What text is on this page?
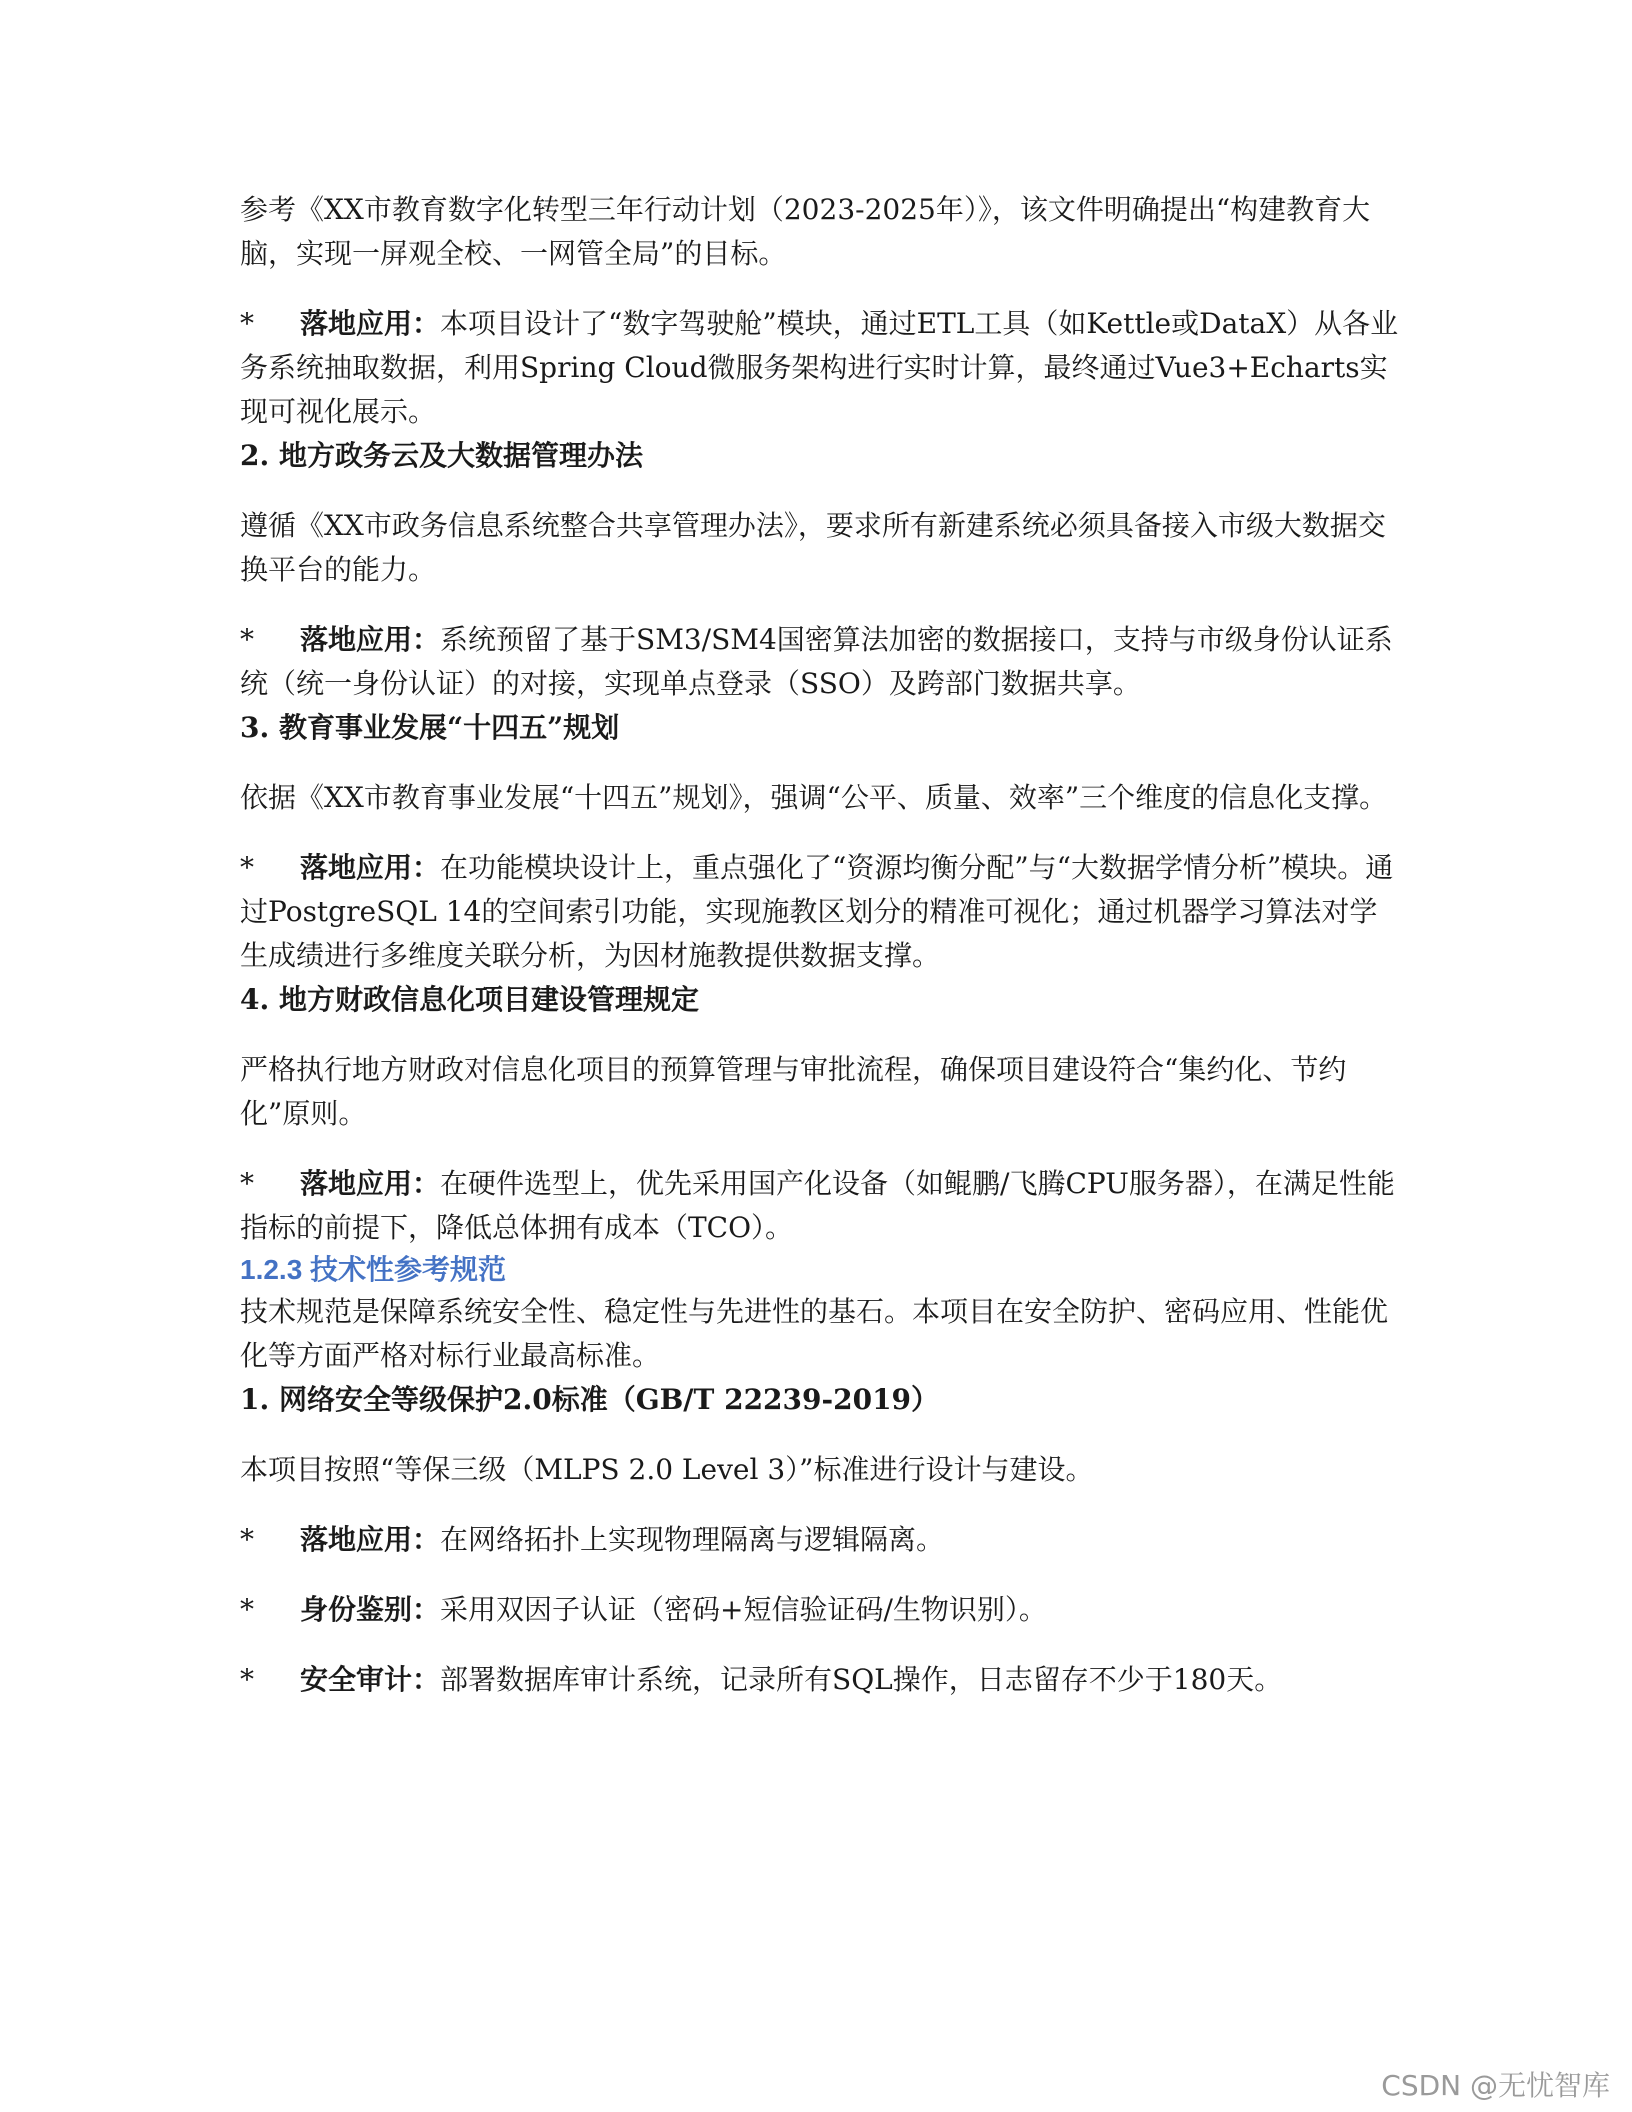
参考《XX市教育数字化转型三年行动计划（2023-2025年）》，该文件明确提出“构建教育大脑，实现一屏观全校、一网管全局”的目标。

* 落地应用：本项目设计了“数字驾驶舱”模块，通过ETL工具（如Kettle或DataX）从各业务系统抽取数据，利用Spring Cloud微服务架构进行实时计算，最终通过Vue3+Echarts实现可视化展示。

2. 地方政务云及大数据管理办法

遵循《XX市政务信息系统整合共享管理办法》，要求所有新建系统必须具备接入市级大数据交换平台的能力。

* 落地应用：系统预留了基于SM3/SM4国密算法加密的数据接口，支持与市级身份认证系统（统一身份认证）的对接，实现单点登录（SSO）及跨部门数据共享。

3. 教育事业发展“十四五”规划

依据《XX市教育事业发展“十四五”规划》，强调“公平、质量、效率”三个维度的信息化支撑。

* 落地应用：在功能模块设计上，重点强化了“资源均衡分配”与“大数据学情分析”模块。通过PostgreSQL 14的空间索引功能，实现施教区划分的精准可视化；通过机器学习算法对学生成绩进行多维度关联分析，为因材施教提供数据支撑。

4. 地方财政信息化项目建设管理规定

严格执行地方财政对信息化项目的预算管理与审批流程，确保项目建设符合“集约化、节约化”原则。

* 落地应用：在硬件选型上，优先采用国产化设备（如鲲鹏/飞腾CPU服务器），在满足性能指标的前提下，降低总体拥有成本（TCO）。

1.2.3 技术性参考规范

技术规范是保障系统安全性、稳定性与先进性的基石。本项目在安全防护、密码应用、性能优化等方面严格对标行业最高标准。

1. 网络安全等级保护2.0标准（GB/T 22239-2019）

本项目按照“等保三级（MLPS 2.0 Level 3）”标准进行设计与建设。

* 落地应用：在网络拓扑上实现物理隔离与逻辑隔离。

* 身份鉴别：采用双因子认证（密码+短信验证码/生物识别）。

* 安全审计：部署数据库审计系统，记录所有SQL操作，日志留存不少于180天。

CSDN @无忧智库
